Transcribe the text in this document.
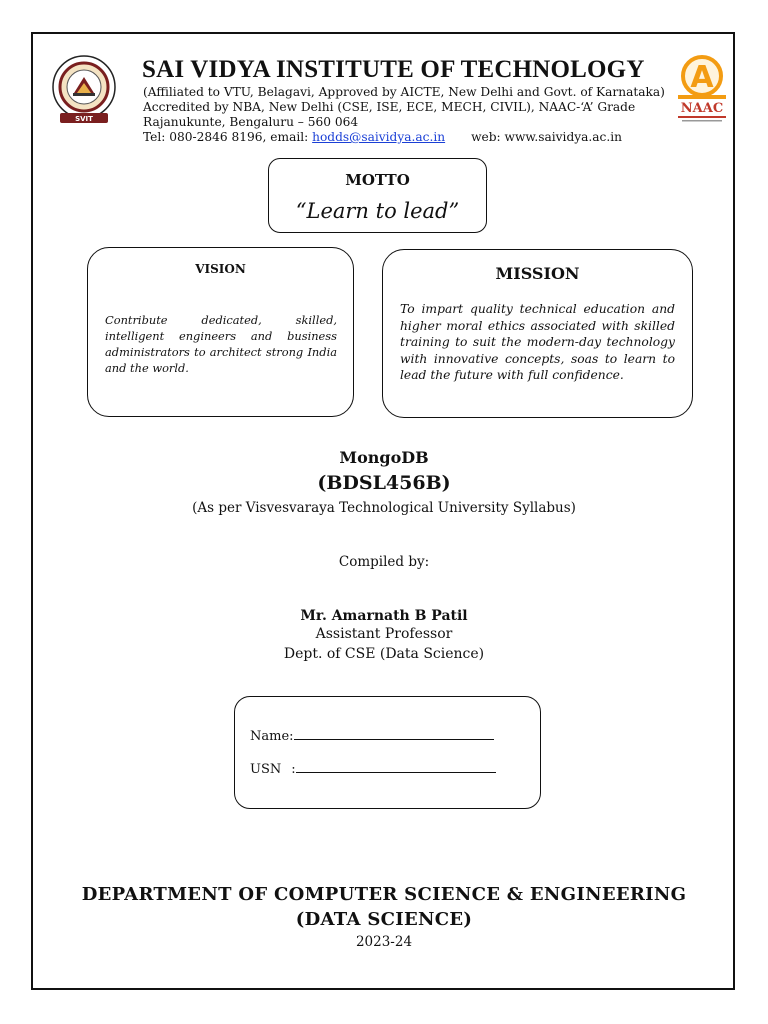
SVIT
SAI VIDYA INSTITUTE OF TECHNOLOGY
(Affiliated to VTU, Belagavi, Approved by AICTE, New Delhi and Govt. of Karnataka)
Accredited by NBA, New Delhi (CSE, ISE, ECE, MECH, CIVIL), NAAC-‘A’ Grade
Rajanukunte, Bengaluru – 560 064
Tel: 080-2846 8196, email: hodds@saividya.ac.in web: www.saividya.ac.in
A
NAAC
MOTTO
“Learn to lead”
VISION
Contribute dedicated, skilled, intelligent engineers and business administrators to architect strong India and the world.
MISSION
To impart quality technical education and higher moral ethics associated with skilled training to suit the modern-day technology with innovative concepts, soas to learn to lead the future with full confidence.
MongoDB
(BDSL456B)
(As per Visvesvaraya Technological University Syllabus)
Compiled by:
Mr. Amarnath B Patil
Assistant Professor
Dept. of CSE (Data Science)
Name:
USN :
DEPARTMENT OF COMPUTER SCIENCE & ENGINEERING
(DATA SCIENCE)
2023-24
